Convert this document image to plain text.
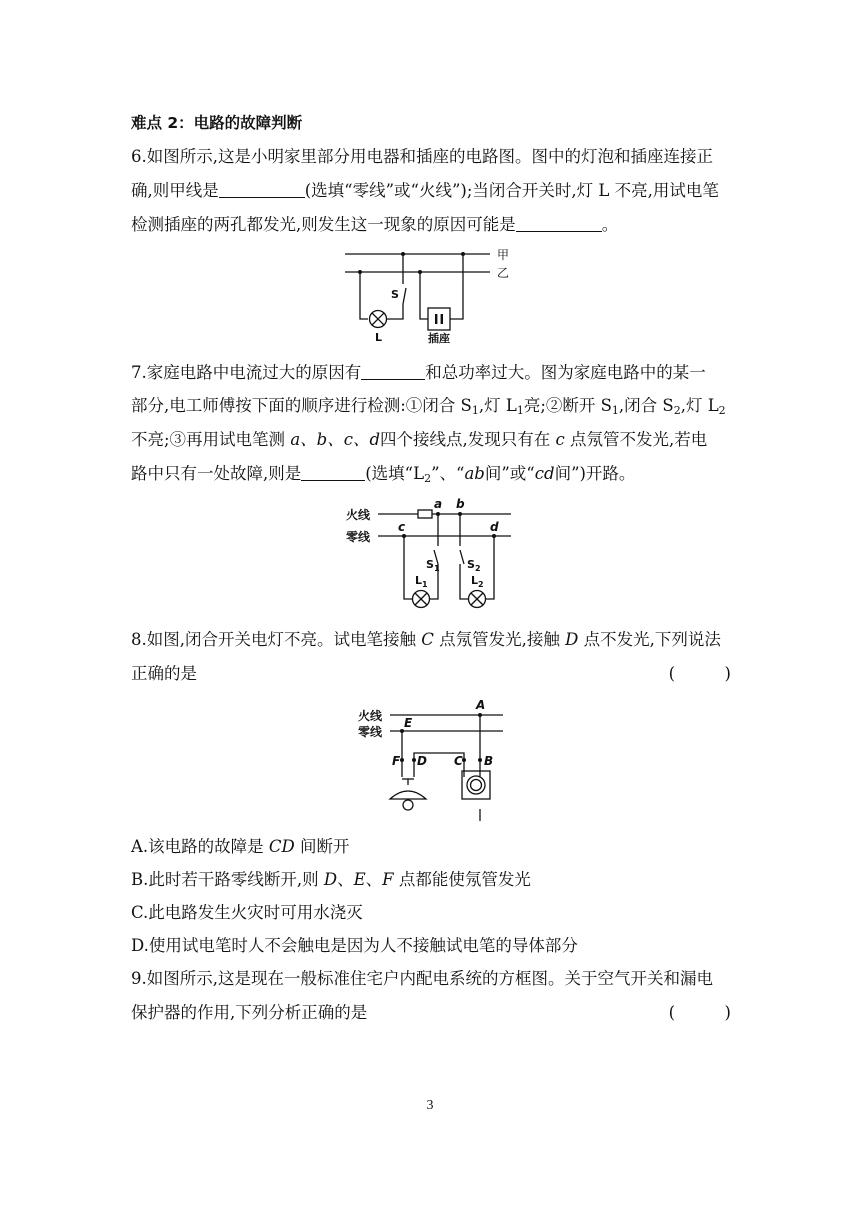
难点 2：电路的故障判断
6.如图所示,这是小明家里部分用电器和插座的电路图。图中的灯泡和插座连接正
确,则甲线是	(选填“零线”或“火线”);当闭合开关时,灯 L 不亮,用试电笔
检测插座的两孔都发光,则发生这一现象的原因可能是	。
甲
乙
S
L	插座
7.家庭电路中电流过大的原因有	和总功率过大。图为家庭电路中的某一
部分,电工师傅按下面的顺序进行检测:①闭合 $S_1$,灯 $L_1$亮;②断开 $S_1$,闭合 $S_2$,灯 $L_2$
不亮;③再用试电笔测 a、b、c、d四个接线点,发现只有在 c 点氖管不发光,若电
路中只有一处故障,则是	(选填“$L_2$”、“ab间”或“cd间”)开路。
火线
零线
a b
c	d
$S_1$ $S_2$
$L_1$	$L_2$
8.如图,闭合开关电灯不亮。试电笔接触 C 点氖管发光,接触 D 点不发光,下列说法
正确的是	(　　　)
火线
零线
A
E
F D C B
A.该电路的故障是 CD 间断开
B.此时若干路零线断开,则 D、E、F 点都能使氖管发光
C.此电路发生火灾时可用水浇灭
D.使用试电笔时人不会触电是因为人不接触试电笔的导体部分
9.如图所示,这是现在一般标准住宅户内配电系统的方框图。关于空气开关和漏电
保护器的作用,下列分析正确的是	(　　　)
3
